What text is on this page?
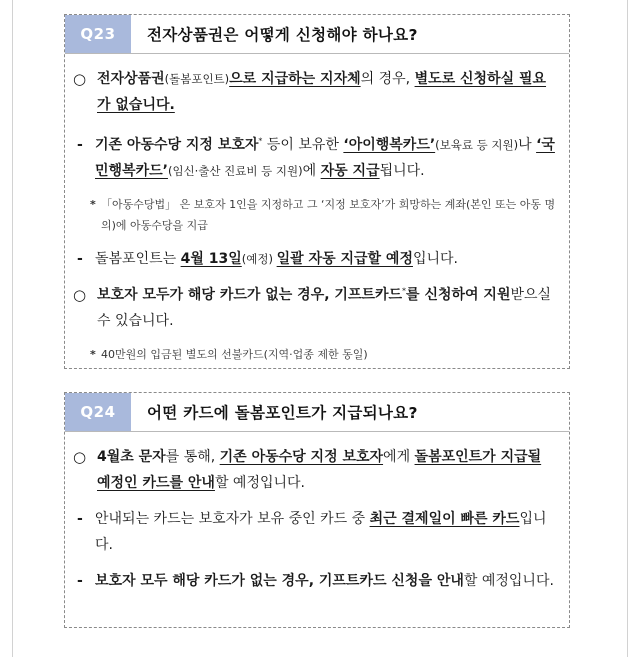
Q23	전자상품권은 어떻게 신청해야 하나요?
○ 전자상품권(돌봄포인트)으로 지급하는 지자체의 경우, 별도로 신청하실 필요가 없습니다.
- 기존 아동수당 지정 보호자* 등이 보유한 ‘아이행복카드’(보육료 등 지원)나 ‘국민행복카드’(임신·출산 진료비 등 지원)에 자동 지급됩니다.
* 「아동수당법」 은 보호자 1인을 지정하고 그 ‘지정 보호자’가 희망하는 계좌(본인 또는 아동 명의)에 아동수당을 지급
- 돌봄포인트는 4월 13일(예정) 일괄 자동 지급할 예정입니다.
○ 보호자 모두가 해당 카드가 없는 경우, 기프트카드*를 신청하여 지원받으실 수 있습니다.
* 40만원의 입금된 별도의 선불카드(지역·업종 제한 동일)
Q24	어떤 카드에 돌봄포인트가 지급되나요?
○ 4월초 문자를 통해, 기존 아동수당 지정 보호자에게 돌봄포인트가 지급될 예정인 카드를 안내할 예정입니다.
- 안내되는 카드는 보호자가 보유 중인 카드 중 최근 결제일이 빠른 카드입니다.
- 보호자 모두 해당 카드가 없는 경우, 기프트카드 신청을 안내할 예정입니다.
